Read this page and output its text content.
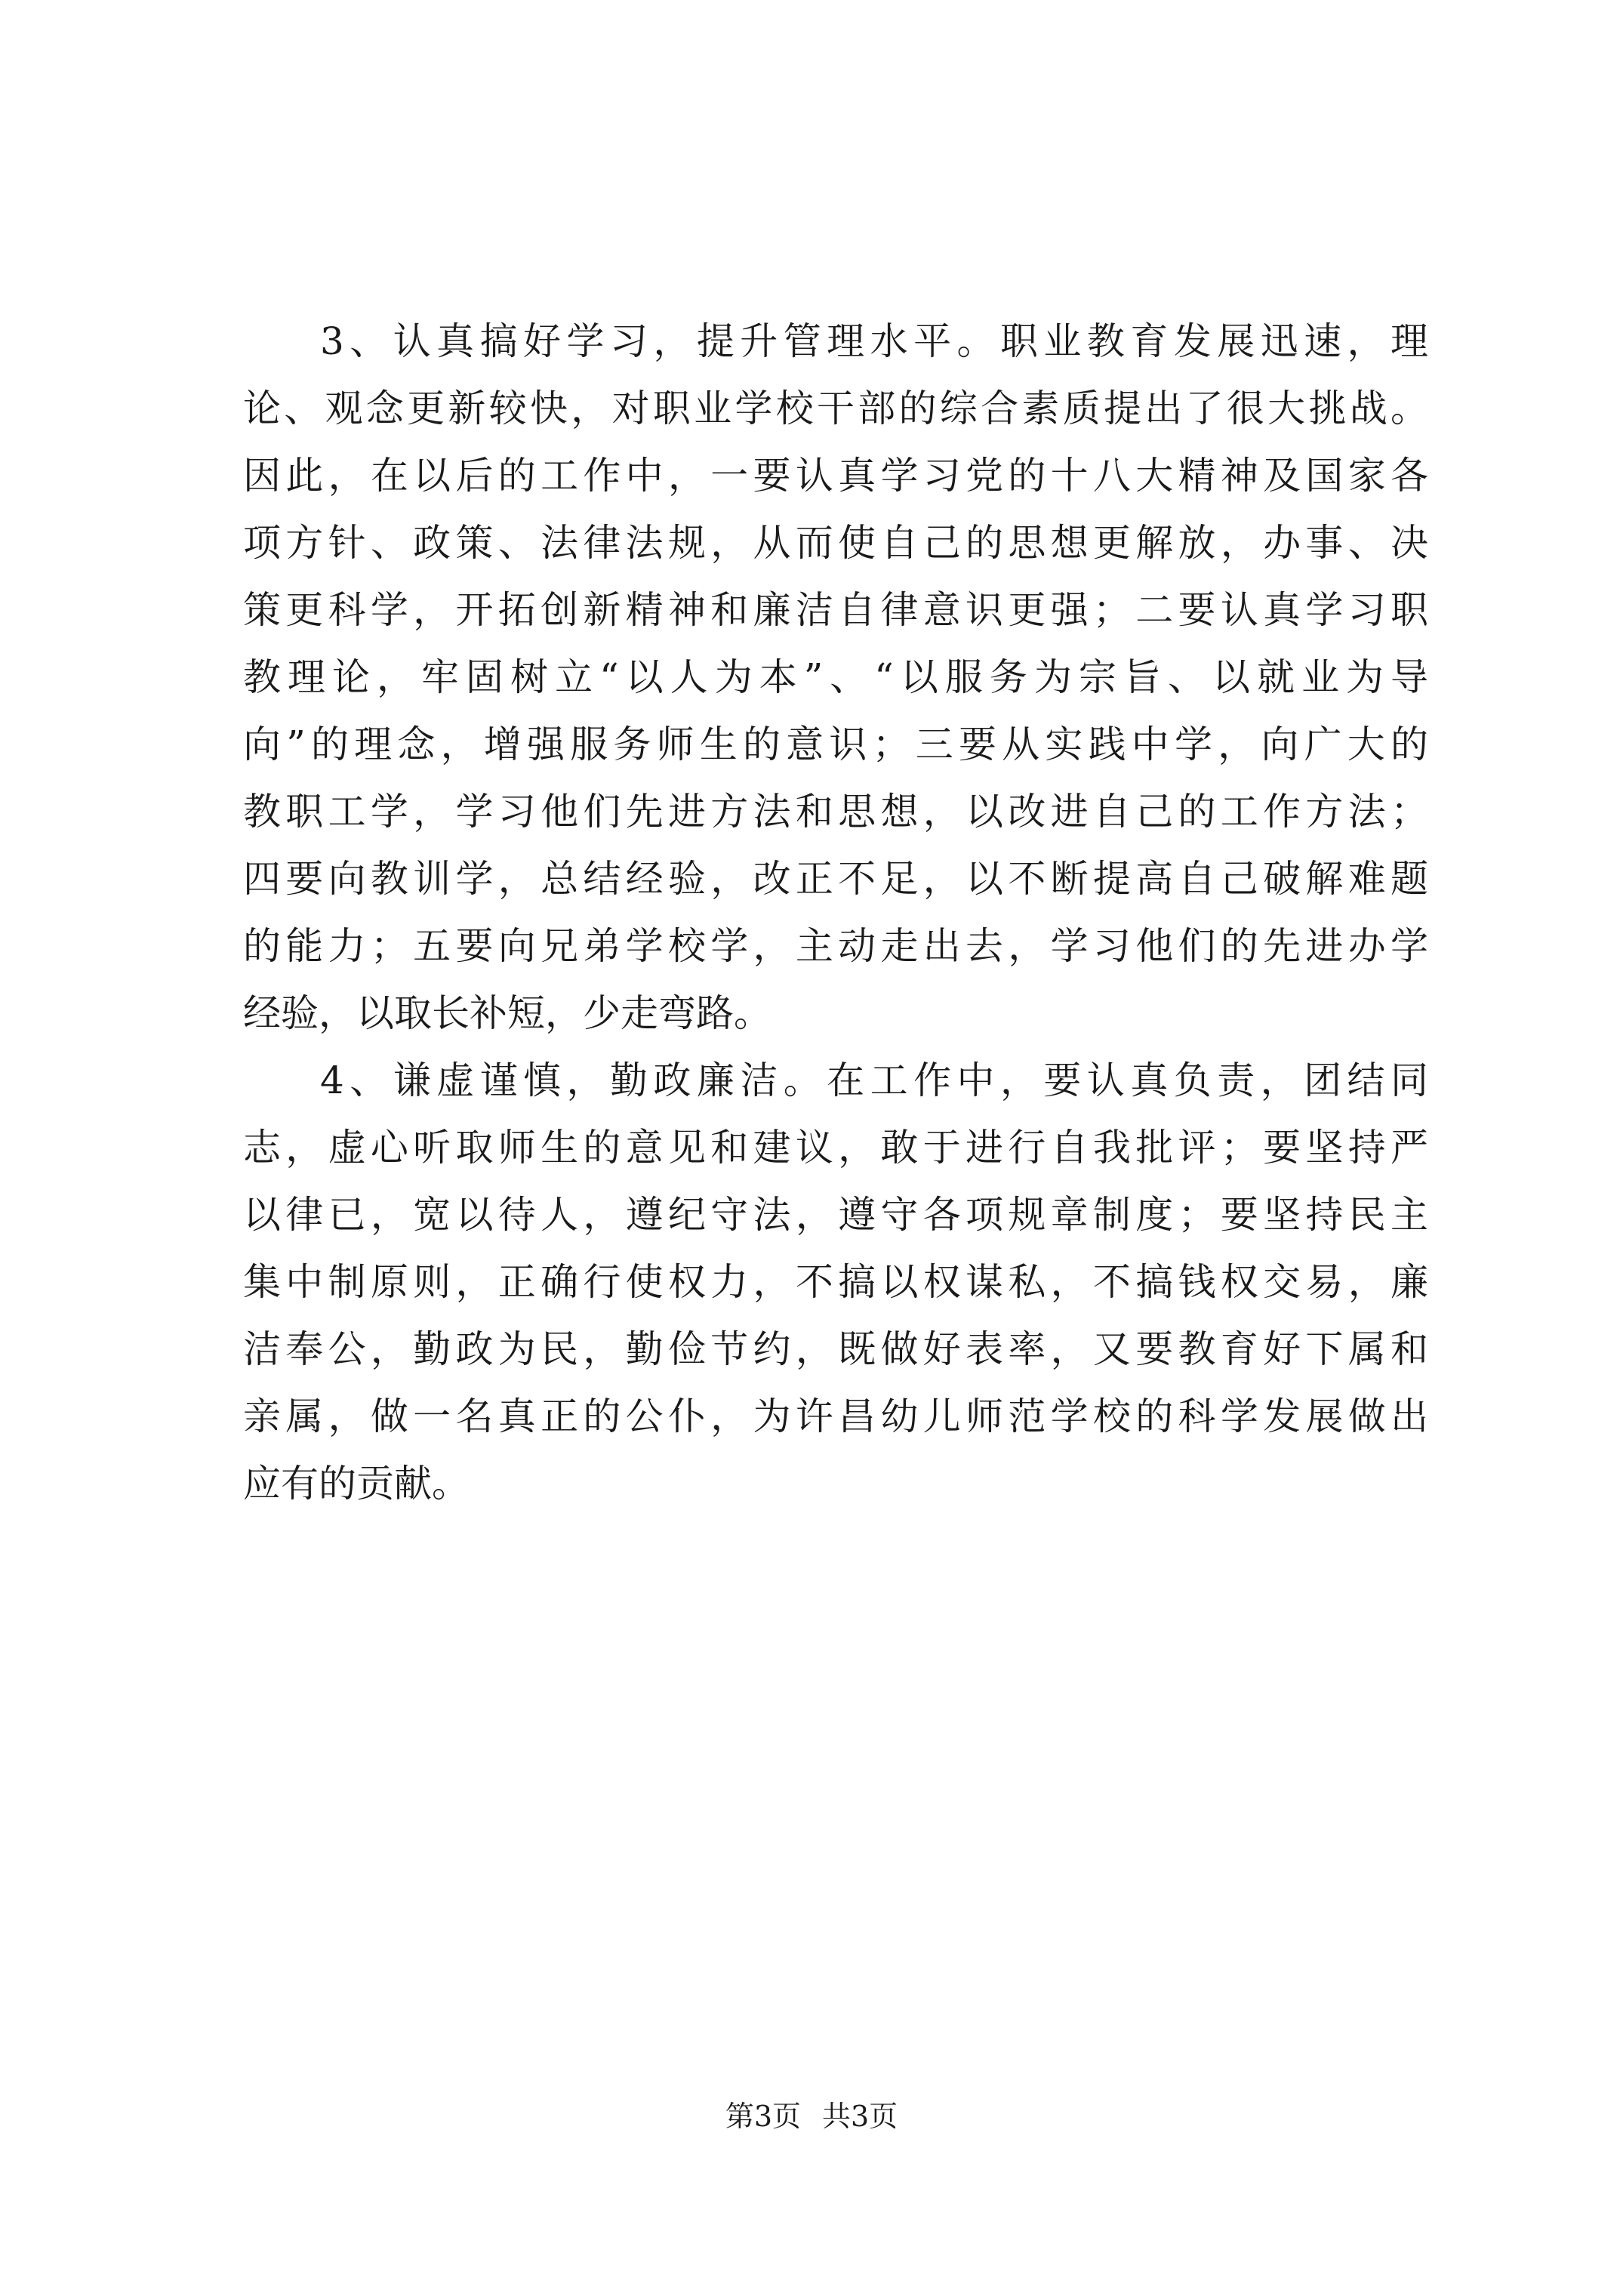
3、认真搞好学习，提升管理水平。职业教育发展迅速，理
论、观念更新较快，对职业学校干部的综合素质提出了很大挑战。
因此，在以后的工作中，一要认真学习党的十八大精神及国家各
项方针、政策、法律法规，从而使自己的思想更解放，办事、决
策更科学，开拓创新精神和廉洁自律意识更强；二要认真学习职
教理论，牢固树立“以人为本”、“以服务为宗旨、以就业为导
向”的理念，增强服务师生的意识；三要从实践中学，向广大的
教职工学，学习他们先进方法和思想，以改进自己的工作方法；
四要向教训学，总结经验，改正不足，以不断提高自己破解难题
的能力；五要向兄弟学校学，主动走出去，学习他们的先进办学
经验，以取长补短，少走弯路。
4、谦虚谨慎，勤政廉洁。在工作中，要认真负责，团结同
志，虚心听取师生的意见和建议，敢于进行自我批评；要坚持严
以律已，宽以待人，遵纪守法，遵守各项规章制度；要坚持民主
集中制原则，正确行使权力，不搞以权谋私，不搞钱权交易，廉
洁奉公，勤政为民，勤俭节约，既做好表率，又要教育好下属和
亲属，做一名真正的公仆，为许昌幼儿师范学校的科学发展做出
应有的贡献。
第3页 共3页
